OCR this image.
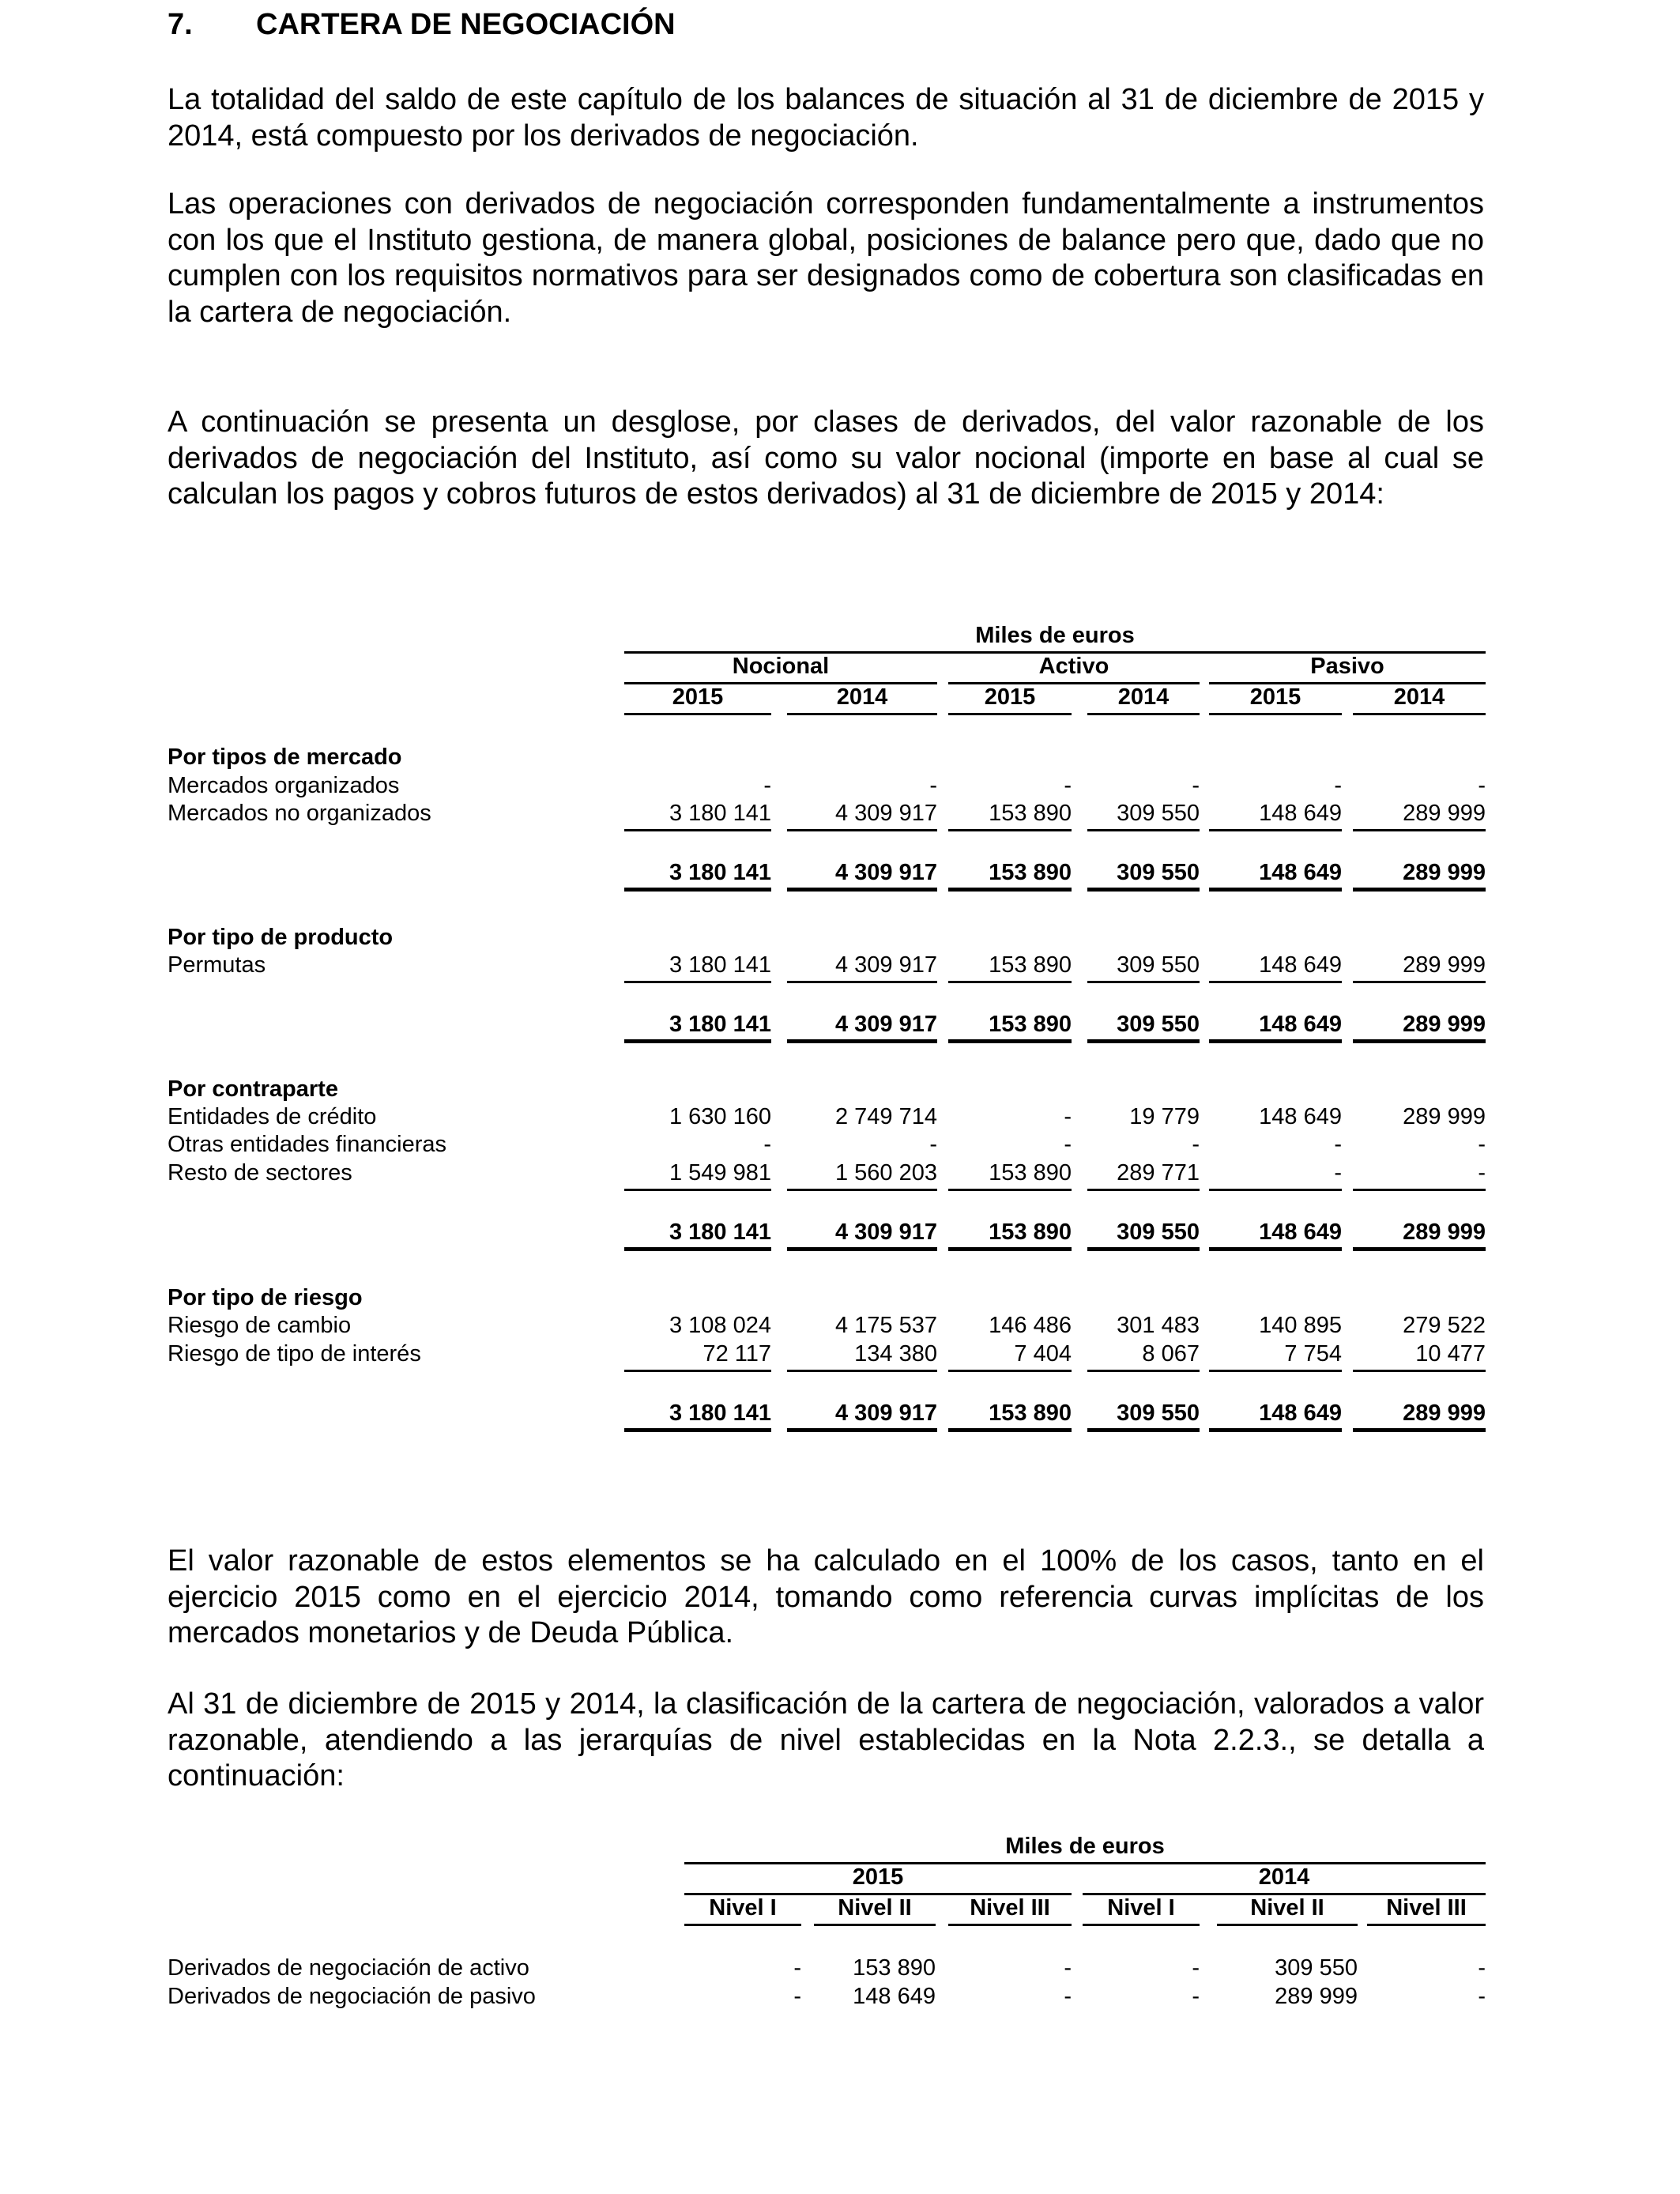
7. CARTERA DE NEGOCIACIÓN
La totalidad del saldo de este capítulo de los balances de situación al 31 de diciembre de 2015 y 2014, está compuesto por los derivados de negociación.
Las operaciones con derivados de negociación corresponden fundamentalmente a instrumentos con los que el Instituto gestiona, de manera global, posiciones de balance pero que, dado que no cumplen con los requisitos normativos para ser designados como de cobertura son clasificadas en la cartera de negociación.
A continuación se presenta un desglose, por clases de derivados, del valor razonable de los derivados de negociación del Instituto, así como su valor nocional (importe en base al cual se calculan los pagos y cobros futuros de estos derivados) al 31 de diciembre de 2015 y 2014:
Miles de euros
Nocional	Activo	Pasivo
2015	2014	2015	2014	2015	2014
Por tipos de mercado
Mercados organizados	-	-	-	-	-	-
Mercados no organizados	3 180 141	4 309 917	153 890	309 550	148 649	289 999
3 180 141	4 309 917	153 890	309 550	148 649	289 999
Por tipo de producto
Permutas	3 180 141	4 309 917	153 890	309 550	148 649	289 999
3 180 141	4 309 917	153 890	309 550	148 649	289 999
Por contraparte
Entidades de crédito	1 630 160	2 749 714	-	19 779	148 649	289 999
Otras entidades financieras	-	-	-	-	-	-
Resto de sectores	1 549 981	1 560 203	153 890	289 771	-	-
3 180 141	4 309 917	153 890	309 550	148 649	289 999
Por tipo de riesgo
Riesgo de cambio	3 108 024	4 175 537	146 486	301 483	140 895	279 522
Riesgo de tipo de interés	72 117	134 380	7 404	8 067	7 754	10 477
3 180 141	4 309 917	153 890	309 550	148 649	289 999
El valor razonable de estos elementos se ha calculado en el 100% de los casos, tanto en el ejercicio 2015 como en el ejercicio 2014, tomando como referencia curvas implícitas de los mercados monetarios y de Deuda Pública.
Al 31 de diciembre de 2015 y 2014, la clasificación de la cartera de negociación, valorados a valor razonable, atendiendo a las jerarquías de nivel establecidas en la Nota 2.2.3., se detalla a continuación:
Miles de euros
2015	2014
Nivel I	Nivel II	Nivel III	Nivel I	Nivel II	Nivel III
Derivados de negociación de activo	-	153 890	-	-	309 550	-
Derivados de negociación de pasivo	-	148 649	-	-	289 999	-
